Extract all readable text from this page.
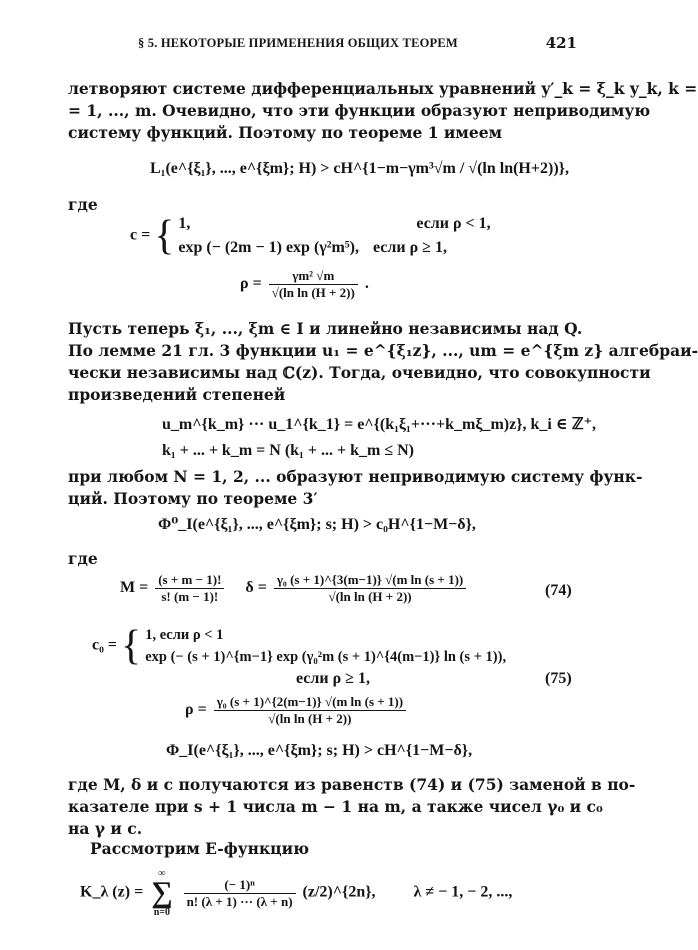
§ 5. НЕКОТОРЫЕ ПРИМЕНЕНИЯ ОБЩИХ ТЕОРЕМ	421
летворяют системе дифференциальных уравнений y′_k = ξ_k y_k, k =
= 1, ..., m. Очевидно, что эти функции образуют неприводимую
систему функций. Поэтому по теореме 1 имеем
L₁(e^{ξ₁}, ..., e^{ξm}; H) > cH^{1−m−γm³√m / √(ln ln(H+2))},
где
c = { 1,	если ρ < 1,
exp (− (2m − 1) exp (γ²m⁵), если ρ ≥ 1,
$\rho = \frac{\text{γm² √m}}{\text{√(ln ln (H + 2))}}$ .
Пусть теперь ξ₁, ..., ξm ∈ I и линейно независимы над Q.
По лемме 21 гл. 3 функции u₁ = e^{ξ₁z}, ..., um = e^{ξm z} алгебраи-
чески независимы над ℂ(z). Тогда, очевидно, что совокупности
произведений степеней
u_m^{k_m} ··· u_1^{k_1} = e^{(k₁ξ₁+···+k_mξ_m)z}, k_i ∈ ℤ⁺,
k₁ + ... + k_m = N (k₁ + ... + k_m ≤ N)
при любом N = 1, 2, ... образуют неприводимую систему функ-
ций. Поэтому по теореме 3′
Φ⁰_I(e^{ξ₁}, ..., e^{ξm}; s; H) > c₀H^{1−M−δ},
где
$M = \frac{(s + m - 1)!}{s! (m - 1)!}$ $\delta = \frac{\text{γ₀ (s + 1)\textasciicircum{}\{3(m−1)\} √(m ln (s + 1))}}{\text{√(ln ln (H + 2))}}$	(74)
c₀ = { 1, если ρ < 1
exp (− (s + 1)^{m−1} exp (γ₀²m (s + 1)^{4(m−1)} ln (s + 1)),
если ρ ≥ 1,	(75)
$\rho = \frac{\text{γ₀ (s + 1)\textasciicircum{}\{2(m−1)\} √(m ln (s + 1))}}{\text{√(ln ln (H + 2))}}$
Φ_I(e^{ξ₁}, ..., e^{ξm}; s; H) > cH^{1−M−δ},
где M, δ и c получаются из равенств (74) и (75) заменой в по-
казателе при s + 1 числа m − 1 на m, а также чисел γ₀ и c₀
на γ и c.
Рассмотрим E-функцию
K_λ (z) =
∞
∑
n=0

$\frac{\text{(− 1)ⁿ}}{n! (\lambda + 1) \cdot\cdot\cdot (\lambda + n)}$ (z/2)^{2n}, λ ≠ − 1, − 2, ...,
